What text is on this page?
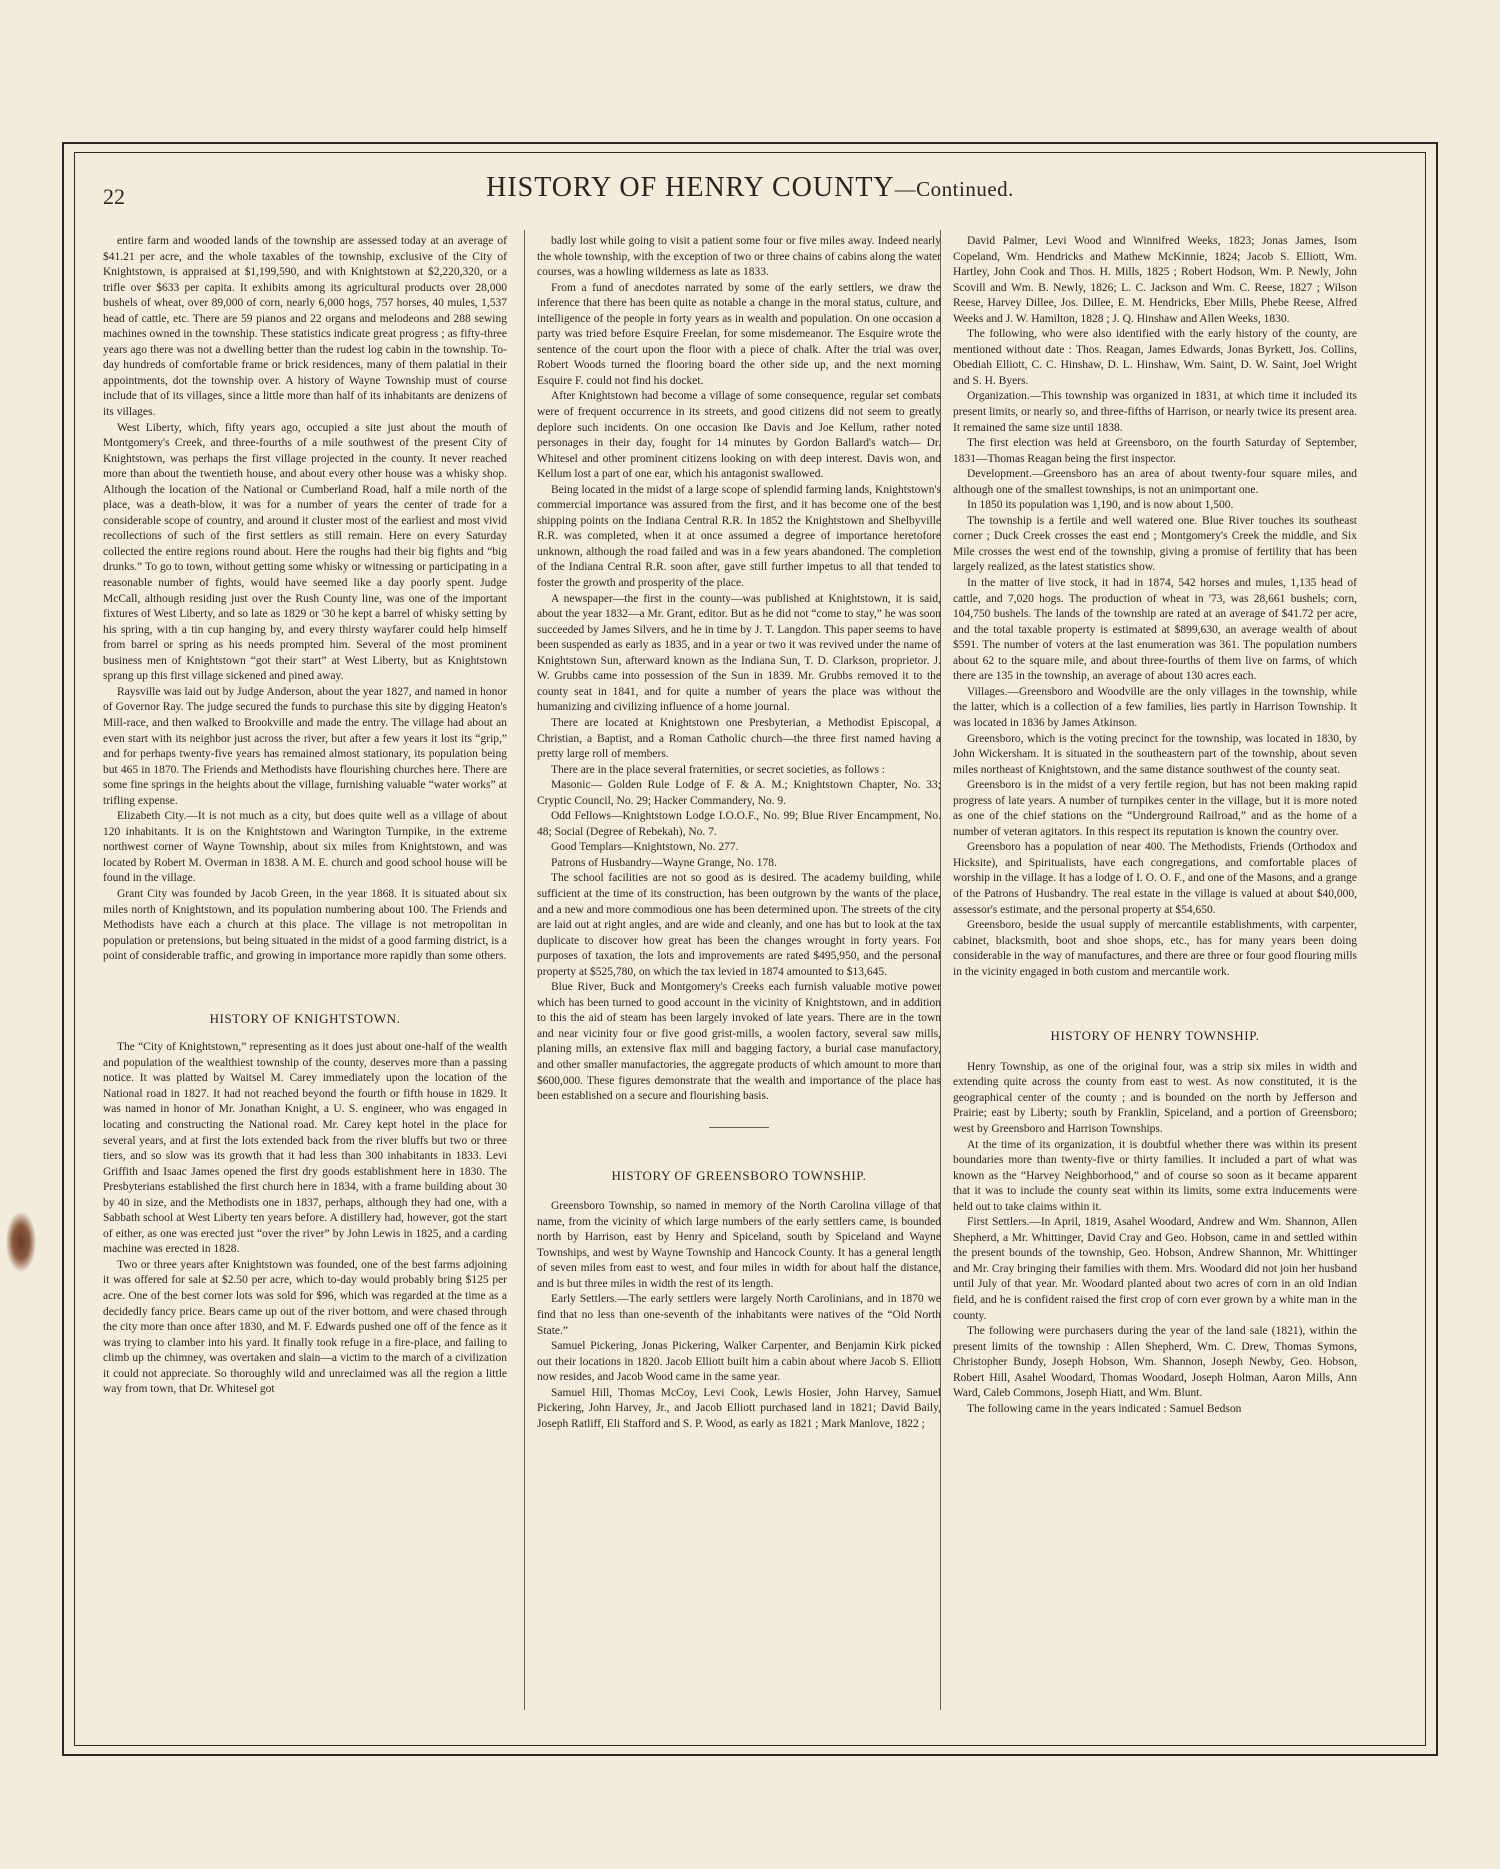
22	HISTORY OF HENRY COUNTY—Continued.

entire farm and wooded lands of the township are assessed today at an average of $41.21 per acre, and the whole taxables of the township, exclusive of the City of Knightstown, is appraised at $1,199,590, and with Knightstown at $2,220,320, or a trifle over $633 per capita. It exhibits among its agricultural products over 28,000 bushels of wheat, over 89,000 of corn, nearly 6,000 hogs, 757 horses, 40 mules, 1,537 head of cattle, etc. There are 59 pianos and 22 organs and melodeons and 288 sewing machines owned in the township. These statistics indicate great progress ; as fifty-three years ago there was not a dwelling better than the rudest log cabin in the township. To-day hundreds of comfortable frame or brick residences, many of them palatial in their appointments, dot the township over. A history of Wayne Township must of course include that of its villages, since a little more than half of its inhabitants are denizens of its villages.

West Liberty, which, fifty years ago, occupied a site just about the mouth of Montgomery's Creek, and three-fourths of a mile southwest of the present City of Knightstown, was perhaps the first village projected in the county. It never reached more than about the twentieth house, and about every other house was a whisky shop. Although the location of the National or Cumberland Road, half a mile north of the place, was a death-blow, it was for a number of years the center of trade for a considerable scope of country, and around it cluster most of the earliest and most vivid recollections of such of the first settlers as still remain. Here on every Saturday collected the entire regions round about. Here the roughs had their big fights and “big drunks.” To go to town, without getting some whisky or witnessing or participating in a reasonable number of fights, would have seemed like a day poorly spent. Judge McCall, although residing just over the Rush County line, was one of the important fixtures of West Liberty, and so late as 1829 or '30 he kept a barrel of whisky setting by his spring, with a tin cup hanging by, and every thirsty wayfarer could help himself from barrel or spring as his needs prompted him. Several of the most prominent business men of Knightstown “got their start” at West Liberty, but as Knightstown sprang up this first village sickened and pined away.

Raysville was laid out by Judge Anderson, about the year 1827, and named in honor of Governor Ray. The judge secured the funds to purchase this site by digging Heaton's Mill-race, and then walked to Brookville and made the entry. The village had about an even start with its neighbor just across the river, but after a few years it lost its “grip,” and for perhaps twenty-five years has remained almost stationary, its population being but 465 in 1870. The Friends and Methodists have flourishing churches here. There are some fine springs in the heights about the village, furnishing valuable “water works” at trifling expense.

Elizabeth City.—It is not much as a city, but does quite well as a village of about 120 inhabitants. It is on the Knightstown and Warington Turnpike, in the extreme northwest corner of Wayne Township, about six miles from Knightstown, and was located by Robert M. Overman in 1838. A M. E. church and good school house will be found in the village.

Grant City was founded by Jacob Green, in the year 1868. It is situated about six miles north of Knightstown, and its population numbering about 100. The Friends and Methodists have each a church at this place. The village is not metropolitan in population or pretensions, but being situated in the midst of a good farming district, is a point of considerable traffic, and growing in importance more rapidly than some others.

HISTORY OF KNIGHTSTOWN.

The “City of Knightstown,” representing as it does just about one-half of the wealth and population of the wealthiest township of the county, deserves more than a passing notice. It was platted by Waitsel M. Carey immediately upon the location of the National road in 1827. It had not reached beyond the fourth or fifth house in 1829. It was named in honor of Mr. Jonathan Knight, a U. S. engineer, who was engaged in locating and constructing the National road. Mr. Carey kept hotel in the place for several years, and at first the lots extended back from the river bluffs but two or three tiers, and so slow was its growth that it had less than 300 inhabitants in 1833. Levi Griffith and Isaac James opened the first dry goods establishment here in 1830. The Presbyterians established the first church here in 1834, with a frame building about 30 by 40 in size, and the Methodists one in 1837, perhaps, although they had one, with a Sabbath school at West Liberty ten years before. A distillery had, however, got the start of either, as one was erected just “over the river” by John Lewis in 1825, and a carding machine was erected in 1828.

Two or three years after Knightstown was founded, one of the best farms adjoining it was offered for sale at $2.50 per acre, which to-day would probably bring $125 per acre. One of the best corner lots was sold for $96, which was regarded at the time as a decidedly fancy price. Bears came up out of the river bottom, and were chased through the city more than once after 1830, and M. F. Edwards pushed one off of the fence as it was trying to clamber into his yard. It finally took refuge in a fire-place, and failing to climb up the chimney, was overtaken and slain—a victim to the march of a civilization it could not appreciate. So thoroughly wild and unreclaimed was all the region a little way from town, that Dr. Whitesel got

badly lost while going to visit a patient some four or five miles away. Indeed nearly the whole township, with the exception of two or three chains of cabins along the water courses, was a howling wilderness as late as 1833.

From a fund of anecdotes narrated by some of the early settlers, we draw the inference that there has been quite as notable a change in the moral status, culture, and intelligence of the people in forty years as in wealth and population. On one occasion a party was tried before Esquire Freelan, for some misdemeanor. The Esquire wrote the sentence of the court upon the floor with a piece of chalk. After the trial was over, Robert Woods turned the flooring board the other side up, and the next morning Esquire F. could not find his docket.

After Knightstown had become a village of some consequence, regular set combats were of frequent occurrence in its streets, and good citizens did not seem to greatly deplore such incidents. On one occasion Ike Davis and Joe Kellum, rather noted personages in their day, fought for 14 minutes by Gordon Ballard's watch— Dr. Whitesel and other prominent citizens looking on with deep interest. Davis won, and Kellum lost a part of one ear, which his antagonist swallowed.

Being located in the midst of a large scope of splendid farming lands, Knightstown's commercial importance was assured from the first, and it has become one of the best shipping points on the Indiana Central R.R. In 1852 the Knightstown and Shelbyville R.R. was completed, when it at once assumed a degree of importance heretofore unknown, although the road failed and was in a few years abandoned. The completion of the Indiana Central R.R. soon after, gave still further impetus to all that tended to foster the growth and prosperity of the place.

A newspaper—the first in the county—was published at Knightstown, it is said, about the year 1832—a Mr. Grant, editor. But as he did not “come to stay,” he was soon succeeded by James Silvers, and he in time by J. T. Langdon. This paper seems to have been suspended as early as 1835, and in a year or two it was revived under the name of Knightstown Sun, afterward known as the Indiana Sun, T. D. Clarkson, proprietor. J. W. Grubbs came into possession of the Sun in 1839. Mr. Grubbs removed it to the county seat in 1841, and for quite a number of years the place was without the humanizing and civilizing influence of a home journal.

There are located at Knightstown one Presbyterian, a Methodist Episcopal, a Christian, a Baptist, and a Roman Catholic church—the three first named having a pretty large roll of members.

There are in the place several fraternities, or secret societies, as follows :

Masonic— Golden Rule Lodge of F. & A. M.; Knightstown Chapter, No. 33; Cryptic Council, No. 29; Hacker Commandery, No. 9.

Odd Fellows—Knightstown Lodge I.O.O.F., No. 99; Blue River Encampment, No. 48; Social (Degree of Rebekah), No. 7.

Good Templars—Knightstown, No. 277.

Patrons of Husbandry—Wayne Grange, No. 178.

The school facilities are not so good as is desired. The academy building, while sufficient at the time of its construction, has been outgrown by the wants of the place, and a new and more commodious one has been determined upon. The streets of the city are laid out at right angles, and are wide and cleanly, and one has but to look at the tax duplicate to discover how great has been the changes wrought in forty years. For purposes of taxation, the lots and improvements are rated $495,950, and the personal property at $525,780, on which the tax levied in 1874 amounted to $13,645.

Blue River, Buck and Montgomery's Creeks each furnish valuable motive power which has been turned to good account in the vicinity of Knightstown, and in addition to this the aid of steam has been largely invoked of late years. There are in the town and near vicinity four or five good grist-mills, a woolen factory, several saw mills, planing mills, an extensive flax mill and bagging factory, a burial case manufactory, and other smaller manufactories, the aggregate products of which amount to more than $600,000. These figures demonstrate that the wealth and importance of the place has been established on a secure and flourishing basis.

HISTORY OF GREENSBORO TOWNSHIP.

Greensboro Township, so named in memory of the North Carolina village of that name, from the vicinity of which large numbers of the early settlers came, is bounded north by Harrison, east by Henry and Spiceland, south by Spiceland and Wayne Townships, and west by Wayne Township and Hancock County. It has a general length of seven miles from east to west, and four miles in width for about half the distance, and is but three miles in width the rest of its length.

Early Settlers.—The early settlers were largely North Carolinians, and in 1870 we find that no less than one-seventh of the inhabitants were natives of the “Old North State.”

Samuel Pickering, Jonas Pickering, Walker Carpenter, and Benjamin Kirk picked out their locations in 1820. Jacob Elliott built him a cabin about where Jacob S. Elliott now resides, and Jacob Wood came in the same year.

Samuel Hill, Thomas McCoy, Levi Cook, Lewis Hosier, John Harvey, Samuel Pickering, John Harvey, Jr., and Jacob Elliott purchased land in 1821; David Baily, Joseph Ratliff, Eli Stafford and S. P. Wood, as early as 1821 ; Mark Manlove, 1822 ;

David Palmer, Levi Wood and Winnifred Weeks, 1823; Jonas James, Isom Copeland, Wm. Hendricks and Mathew McKinnie, 1824; Jacob S. Elliott, Wm. Hartley, John Cook and Thos. H. Mills, 1825 ; Robert Hodson, Wm. P. Newly, John Scovill and Wm. B. Newly, 1826; L. C. Jackson and Wm. C. Reese, 1827 ; Wilson Reese, Harvey Dillee, Jos. Dillee, E. M. Hendricks, Eber Mills, Phebe Reese, Alfred Weeks and J. W. Hamilton, 1828 ; J. Q. Hinshaw and Allen Weeks, 1830.

The following, who were also identified with the early history of the county, are mentioned without date : Thos. Reagan, James Edwards, Jonas Byrkett, Jos. Collins, Obediah Elliott, C. C. Hinshaw, D. L. Hinshaw, Wm. Saint, D. W. Saint, Joel Wright and S. H. Byers.

Organization.—This township was organized in 1831, at which time it included its present limits, or nearly so, and three-fifths of Harrison, or nearly twice its present area. It remained the same size until 1838.

The first election was held at Greensboro, on the fourth Saturday of September, 1831—Thomas Reagan being the first inspector.

Development.—Greensboro has an area of about twenty-four square miles, and although one of the smallest townships, is not an unimportant one.

In 1850 its population was 1,190, and is now about 1,500.

The township is a fertile and well watered one. Blue River touches its southeast corner ; Duck Creek crosses the east end ; Montgomery's Creek the middle, and Six Mile crosses the west end of the township, giving a promise of fertility that has been largely realized, as the latest statistics show.

In the matter of live stock, it had in 1874, 542 horses and mules, 1,135 head of cattle, and 7,020 hogs. The production of wheat in '73, was 28,661 bushels; corn, 104,750 bushels. The lands of the township are rated at an average of $41.72 per acre, and the total taxable property is estimated at $899,630, an average wealth of about $591. The number of voters at the last enumeration was 361. The population numbers about 62 to the square mile, and about three-fourths of them live on farms, of which there are 135 in the township, an average of about 130 acres each.

Villages.—Greensboro and Woodville are the only villages in the township, while the latter, which is a collection of a few families, lies partly in Harrison Township. It was located in 1836 by James Atkinson.

Greensboro, which is the voting precinct for the township, was located in 1830, by John Wickersham. It is situated in the southeastern part of the township, about seven miles northeast of Knightstown, and the same distance southwest of the county seat.

Greensboro is in the midst of a very fertile region, but has not been making rapid progress of late years. A number of turnpikes center in the village, but it is more noted as one of the chief stations on the “Underground Railroad,” and as the home of a number of veteran agitators. In this respect its reputation is known the country over.

Greensboro has a population of near 400. The Methodists, Friends (Orthodox and Hicksite), and Spiritualists, have each congregations, and comfortable places of worship in the village. It has a lodge of I. O. O. F., and one of the Masons, and a grange of the Patrons of Husbandry. The real estate in the village is valued at about $40,000, assessor's estimate, and the personal property at $54,650.

Greensboro, beside the usual supply of mercantile establishments, with carpenter, cabinet, blacksmith, boot and shoe shops, etc., has for many years been doing considerable in the way of manufactures, and there are three or four good flouring mills in the vicinity engaged in both custom and mercantile work.

HISTORY OF HENRY TOWNSHIP.

Henry Township, as one of the original four, was a strip six miles in width and extending quite across the county from east to west. As now constituted, it is the geographical center of the county ; and is bounded on the north by Jefferson and Prairie; east by Liberty; south by Franklin, Spiceland, and a portion of Greensboro; west by Greensboro and Harrison Townships.

At the time of its organization, it is doubtful whether there was within its present boundaries more than twenty-five or thirty families. It included a part of what was known as the “Harvey Neighborhood,” and of course so soon as it became apparent that it was to include the county seat within its limits, some extra inducements were held out to take claims within it.

First Settlers.—In April, 1819, Asahel Woodard, Andrew and Wm. Shannon, Allen Shepherd, a Mr. Whittinger, David Cray and Geo. Hobson, came in and settled within the present bounds of the township, Geo. Hobson, Andrew Shannon, Mr. Whittinger and Mr. Cray bringing their families with them. Mrs. Woodard did not join her husband until July of that year. Mr. Woodard planted about two acres of corn in an old Indian field, and he is confident raised the first crop of corn ever grown by a white man in the county.

The following were purchasers during the year of the land sale (1821), within the present limits of the township : Allen Shepherd, Wm. C. Drew, Thomas Symons, Christopher Bundy, Joseph Hobson, Wm. Shannon, Joseph Newby, Geo. Hobson, Robert Hill, Asahel Woodard, Thomas Woodard, Joseph Holman, Aaron Mills, Ann Ward, Caleb Commons, Joseph Hiatt, and Wm. Blunt.

The following came in the years indicated : Samuel Bedson
